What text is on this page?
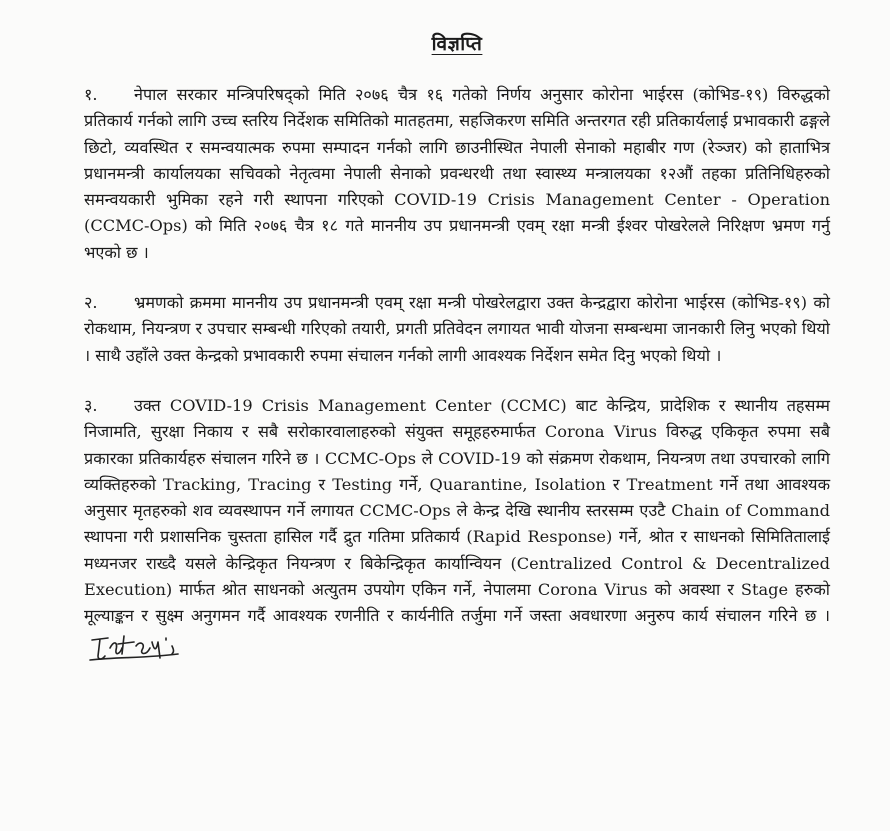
विज्ञप्ति

१. नेपाल सरकार मन्त्रिपरिषद्को मिति २०७६ चैत्र १६ गतेको निर्णय अनुसार कोरोना भाईरस (कोभिड-१९) विरुद्धको प्रतिकार्य गर्नको लागि उच्च स्तरिय निर्देशक समितिको मातहतमा, सहजिकरण समिति अन्तरगत रही प्रतिकार्यलाई प्रभावकारी ढङ्गले छिटो, व्यवस्थित र समन्वयात्मक रुपमा सम्पादन गर्नको लागि छाउनीस्थित नेपाली सेनाको महाबीर गण (रेञ्जर) को हाताभित्र प्रधानमन्त्री कार्यालयका सचिवको नेतृत्वमा नेपाली सेनाको प्रवन्धरथी तथा स्वास्थ्य मन्त्रालयका १२औं तहका प्रतिनिधिहरुको समन्वयकारी भुमिका रहने गरी स्थापना गरिएको COVID-19 Crisis Management Center - Operation (CCMC-Ops) को मिति २०७६ चैत्र १८ गते माननीय उप प्रधानमन्त्री एवम् रक्षा मन्त्री ईश्वर पोखरेलले निरिक्षण भ्रमण गर्नु भएको छ ।

२. भ्रमणको क्रममा माननीय उप प्रधानमन्त्री एवम् रक्षा मन्त्री पोखरेलद्वारा उक्त केन्द्रद्वारा कोरोना भाईरस (कोभिड-१९) को रोकथाम, नियन्त्रण र उपचार सम्बन्धी गरिएको तयारी, प्रगती प्रतिवेदन लगायत भावी योजना सम्बन्धमा जानकारी लिनु भएको थियो । साथै उहाँले उक्त केन्द्रको प्रभावकारी रुपमा संचालन गर्नको लागी आवश्यक निर्देशन समेत दिनु भएको थियो ।

३. उक्त COVID-19 Crisis Management Center (CCMC) बाट केन्द्रिय, प्रादेशिक र स्थानीय तहसम्म निजामति, सुरक्षा निकाय र सबै सरोकारवालाहरुको संयुक्त समूहहरुमार्फत Corona Virus विरुद्ध एकिकृत रुपमा सबै प्रकारका प्रतिकार्यहरु संचालन गरिने छ । CCMC-Ops ले COVID-19 को संक्रमण रोकथाम, नियन्त्रण तथा उपचारको लागि व्यक्तिहरुको Tracking, Tracing र Testing गर्ने, Quarantine, Isolation र Treatment गर्ने तथा आवश्यक अनुसार मृतहरुको शव व्यवस्थापन गर्ने लगायत CCMC-Ops ले केन्द्र देखि स्थानीय स्तरसम्म एउटै Chain of Command स्थापना गरी प्रशासनिक चुस्तता हासिल गर्दै द्रुत गतिमा प्रतिकार्य (Rapid Response) गर्ने, श्रोत र साधनको सिमितितालाई मध्यनजर राख्दै यसले केन्द्रिकृत नियन्त्रण र बिकेन्द्रिकृत कार्यान्वियन (Centralized Control & Decentralized Execution) मार्फत श्रोत साधनको अत्युतम उपयोग एकिन गर्ने, नेपालमा Corona Virus को अवस्था र Stage हरुको मूल्याङ्कन र सुक्ष्म अनुगमन गर्दै आवश्यक रणनीति र कार्यनीति तर्जुमा गर्ने जस्ता अवधारणा अनुरुप कार्य संचालन गरिने छ ।
